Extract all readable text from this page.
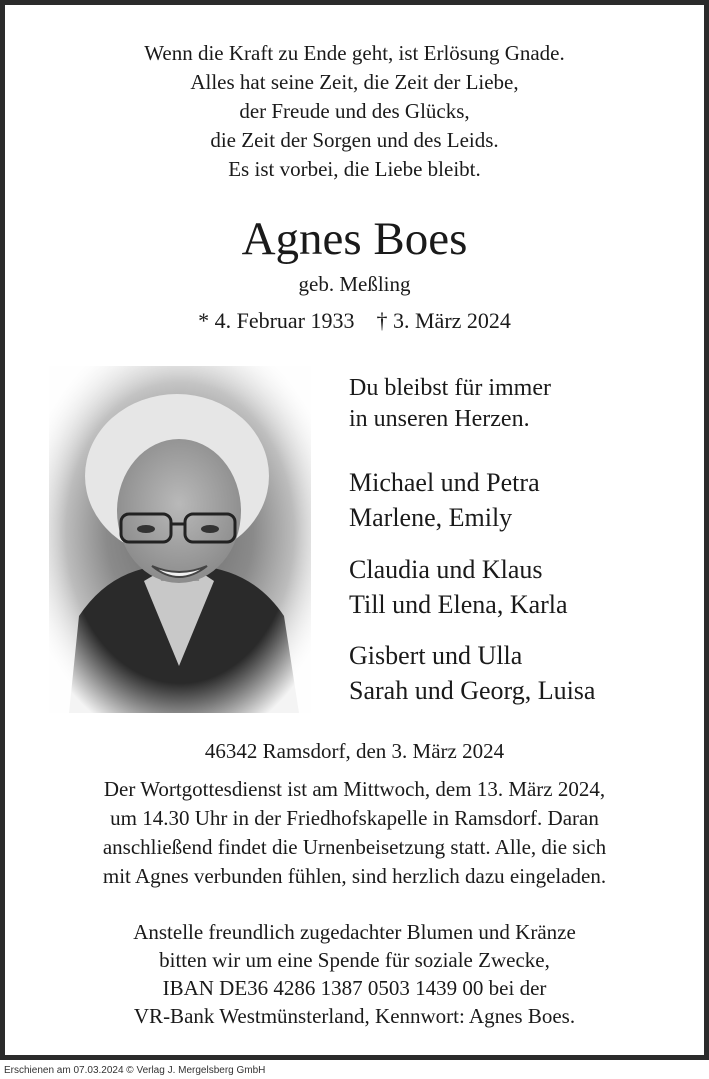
Wenn die Kraft zu Ende geht, ist Erlösung Gnade.
Alles hat seine Zeit, die Zeit der Liebe,
der Freude und des Glücks,
die Zeit der Sorgen und des Leids.
Es ist vorbei, die Liebe bleibt.
Agnes Boes
geb. Meßling
* 4. Februar 1933 † 3. März 2024
Du bleibst für immer
in unseren Herzen.
Michael und Petra
Marlene, Emily
Claudia und Klaus
Till und Elena, Karla
Gisbert und Ulla
Sarah und Georg, Luisa
46342 Ramsdorf, den 3. März 2024
Der Wortgottesdienst ist am Mittwoch, dem 13. März 2024,
um 14.30 Uhr in der Friedhofskapelle in Ramsdorf. Daran
anschließend findet die Urnenbeisetzung statt. Alle, die sich
mit Agnes verbunden fühlen, sind herzlich dazu eingeladen.
Anstelle freundlich zugedachter Blumen und Kränze
bitten wir um eine Spende für soziale Zwecke,
IBAN DE36 4286 1387 0503 1439 00 bei der
VR-Bank Westmünsterland, Kennwort: Agnes Boes.
Erschienen am 07.03.2024 © Verlag J. Mergelsberg GmbH
